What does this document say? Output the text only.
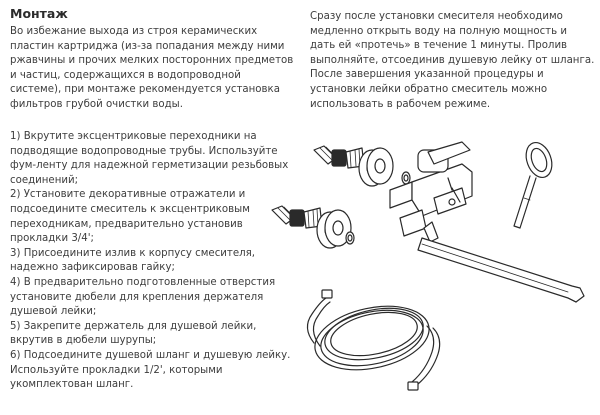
Монтаж

Во избежание выхода из строя керамических
пластин картриджа (из-за попадания между ними
ржавчины и прочих мелких посторонних предметов
и частиц, содержащихся в водопроводной
системе), при монтаже рекомендуется установка
фильтров грубой очистки воды.

1) Вкрутите эксцентриковые переходники на
подводящие водопроводные трубы. Используйте
фум-ленту для надежной герметизации резьбовых
соединений;
2) Установите декоративные отражатели и
подсоедините смеситель к эксцентриковым
переходникам, предварительно установив
прокладки 3/4';
3) Присоедините излив к корпусу смесителя,
надежно зафиксировав гайку;
4) В предварительно подготовленные отверстия
установите дюбели для крепления держателя
душевой лейки;
5) Закрепите держатель для душевой лейки,
вкрутив в дюбели шурупы;
6) Подсоедините душевой шланг и душевую лейку.
Используйте прокладки 1/2', которыми
укомплектован шланг.

Сразу после установки смесителя необходимо
медленно открыть воду на полную мощность и
дать ей «протечь» в течение 1 минуты. Пролив
выполняйте, отсоединив душевую лейку от шланга.
После завершения указанной процедуры и
установки лейки обратно смеситель можно
использовать в рабочем режиме.
